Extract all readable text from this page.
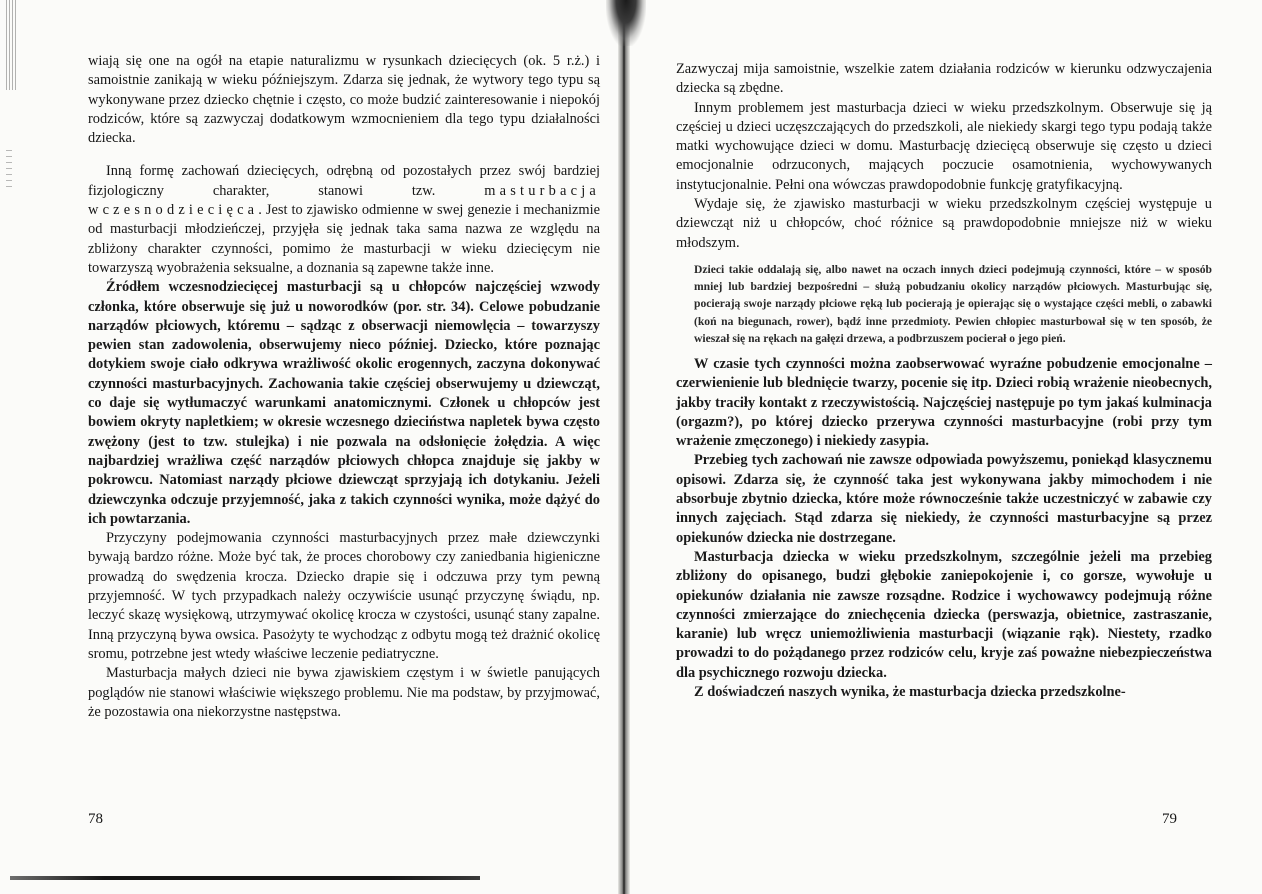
wiają się one na ogół na etapie naturalizmu w rysunkach dziecięcych (ok. 5 r.ż.) i samoistnie zanikają w wieku późniejszym. Zdarza się jednak, że wytwory tego typu są wykonywane przez dziecko chętnie i często, co może budzić zainteresowanie i niepokój rodziców, które są zazwyczaj dodatkowym wzmocnieniem dla tego typu działalności dziecka.

Inną formę zachowań dziecięcych, odrębną od pozostałych przez swój bardziej fizjologiczny charakter, stanowi tzw. masturbacja wczesnodziecięca. Jest to zjawisko odmienne w swej genezie i mechanizmie od masturbacji młodzieńczej, przyjęła się jednak taka sama nazwa ze względu na zbliżony charakter czynności, pomimo że masturbacji w wieku dziecięcym nie towarzyszą wyobrażenia seksualne, a doznania są zapewne także inne.

Źródłem wczesnodziecięcej masturbacji są u chłopców najczęściej wzwody członka, które obserwuje się już u noworodków (por. str. 34). Celowe pobudzanie narządów płciowych, któremu – sądząc z obserwacji niemowlęcia – towarzyszy pewien stan zadowolenia, obserwujemy nieco później. Dziecko, które poznając dotykiem swoje ciało odkrywa wrażliwość okolic erogennych, zaczyna dokonywać czynności masturbacyjnych. Zachowania takie częściej obserwujemy u dziewcząt, co daje się wytłumaczyć warunkami anatomicznymi. Członek u chłopców jest bowiem okryty napletkiem; w okresie wczesnego dzieciństwa napletek bywa często zwężony (jest to tzw. stulejka) i nie pozwala na odsłonięcie żołędzia. A więc najbardziej wrażliwa część narządów płciowych chłopca znajduje się jakby w pokrowcu. Natomiast narządy płciowe dziewcząt sprzyjają ich dotykaniu. Jeżeli dziewczynka odczuje przyjemność, jaka z takich czynności wynika, może dążyć do ich powtarzania.

Przyczyny podejmowania czynności masturbacyjnych przez małe dziewczynki bywają bardzo różne. Może być tak, że proces chorobowy czy zaniedbania higieniczne prowadzą do swędzenia krocza. Dziecko drapie się i odczuwa przy tym pewną przyjemność. W tych przypadkach należy oczywiście usunąć przyczynę świądu, np. leczyć skazę wysiękową, utrzymywać okolicę krocza w czystości, usunąć stany zapalne. Inną przyczyną bywa owsica. Pasożyty te wychodząc z odbytu mogą też drażnić okolicę sromu, potrzebne jest wtedy właściwe leczenie pediatryczne.

Masturbacja małych dzieci nie bywa zjawiskiem częstym i w świetle panujących poglądów nie stanowi właściwie większego problemu. Nie ma podstaw, by przyjmować, że pozostawia ona niekorzystne następstwa.

78

Zazwyczaj mija samoistnie, wszelkie zatem działania rodziców w kierunku odzwyczajenia dziecka są zbędne.

Innym problemem jest masturbacja dzieci w wieku przedszkolnym. Obserwuje się ją częściej u dzieci uczęszczających do przedszkoli, ale niekiedy skargi tego typu podają także matki wychowujące dzieci w domu. Masturbację dziecięcą obserwuje się często u dzieci emocjonalnie odrzuconych, mających poczucie osamotnienia, wychowywanych instytucjonalnie. Pełni ona wówczas prawdopodobnie funkcję gratyfikacyjną.

Wydaje się, że zjawisko masturbacji w wieku przedszkolnym częściej występuje u dziewcząt niż u chłopców, choć różnice są prawdopodobnie mniejsze niż w wieku młodszym.

Dzieci takie oddalają się, albo nawet na oczach innych dzieci podejmują czynności, które – w sposób mniej lub bardziej bezpośredni – służą pobudzaniu okolicy narządów płciowych. Masturbując się, pocierają swoje narządy płciowe ręką lub pocierają je opierając się o wystające części mebli, o zabawki (koń na biegunach, rower), bądź inne przedmioty. Pewien chłopiec masturbował się w ten sposób, że wieszał się na rękach na gałęzi drzewa, a podbrzuszem pocierał o jego pień.

W czasie tych czynności można zaobserwować wyraźne pobudzenie emocjonalne – czerwienienie lub blednięcie twarzy, pocenie się itp. Dzieci robią wrażenie nieobecnych, jakby traciły kontakt z rzeczywistością. Najczęściej następuje po tym jakaś kulminacja (orgazm?), po której dziecko przerywa czynności masturbacyjne (robi przy tym wrażenie zmęczonego) i niekiedy zasypia.

Przebieg tych zachowań nie zawsze odpowiada powyższemu, poniekąd klasycznemu opisowi. Zdarza się, że czynność taka jest wykonywana jakby mimochodem i nie absorbuje zbytnio dziecka, które może równocześnie także uczestniczyć w zabawie czy innych zajęciach. Stąd zdarza się niekiedy, że czynności masturbacyjne są przez opiekunów dziecka nie dostrzegane.

Masturbacja dziecka w wieku przedszkolnym, szczególnie jeżeli ma przebieg zbliżony do opisanego, budzi głębokie zaniepokojenie i, co gorsze, wywołuje u opiekunów działania nie zawsze rozsądne. Rodzice i wychowawcy podejmują różne czynności zmierzające do zniechęcenia dziecka (perswazja, obietnice, zastraszanie, karanie) lub wręcz uniemożliwienia masturbacji (wiązanie rąk). Niestety, rzadko prowadzi to do pożądanego przez rodziców celu, kryje zaś poważne niebezpieczeństwa dla psychicznego rozwoju dziecka.

Z doświadczeń naszych wynika, że masturbacja dziecka przedszkolne-

79
